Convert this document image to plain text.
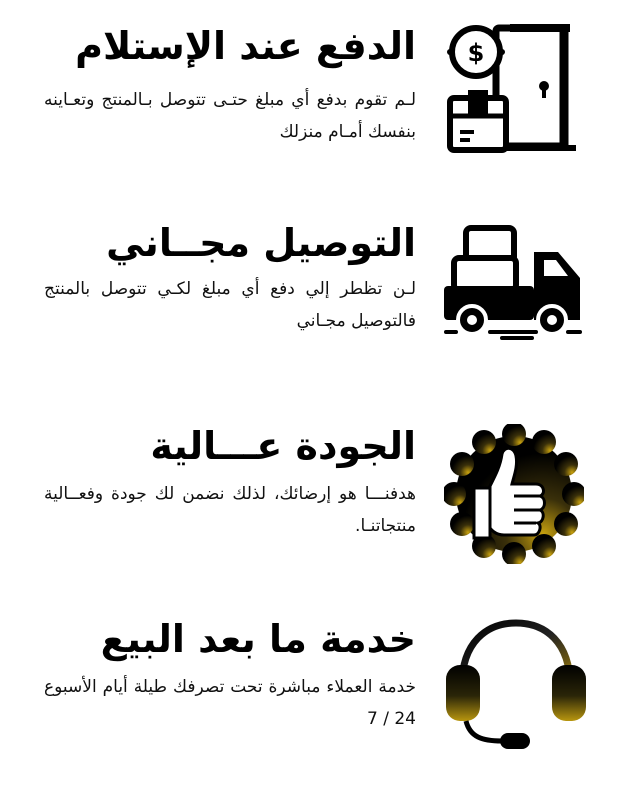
$
الدفع عند الإستلام
لـم تقوم بدفع أي مبلغ حتـى تتوصل بـالمنتج وتعـاينه بنفسك أمـام منزلك
التوصيل مجــاني
لـن تظطر إلي دفع أي مبلغ لكـي تتوصل بالمنتج فالتوصيل مجـاني
الجودة عـــالية
هدفنـــا هو إرضائك، لذلك نضمن لك جودة وفعــالية منتجاتنـا.
خدمة ما بعد البيع
خدمة العملاء مباشرة تحت تصرفك طيلة أيام الأسبوع 24 / 7
